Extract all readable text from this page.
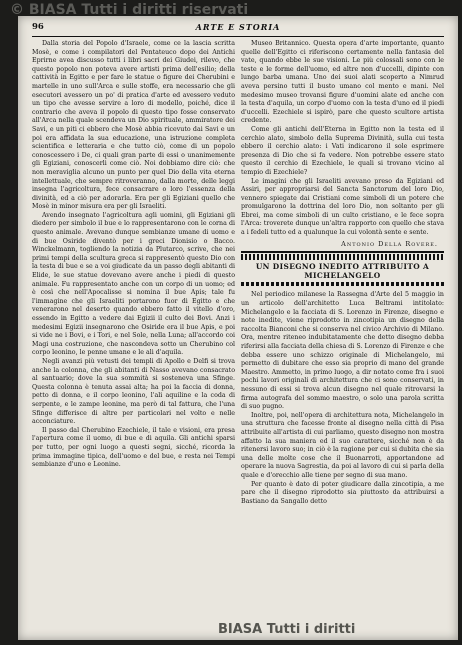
© BIASA Tutti i diritti riservati
96	ARTE E STORIA

Dalla storia del Popolo d'Israele, come ce la lascia scritta Mosè, e come i compilatori del Pentateuco dopo dei Antichi Eprirne avea discusso tutti i libri sacri dei Giudei, rilevo, che questo popolo non poteva avere artisti prima dell'esilio; della cattività in Egitto e per fare le statue o figure dei Cherubini e martelle in uno sull'Arca e sulle stoffe, era necessario che gli esecutori avessero un po' di pratica d'arte ed avessero veduto un tipo che avesse servire a loro di modello, poiché, dice il contrario che aveva il popolo di questo tipo fosse conservato all'Arca nella quale scendeva un Dio spirituale, ammiratore dei Savi, e un piti ci ebbero che Mosè abbia ricevuto dai Savi e un poi era affidata la sua educazione, una istruzione completa scientifica e letteraria e che tutto ciò, come di un popolo conoscessero i De, ci quali gran parte di essi o unanimemente gli Egiziani, conoscerli come ciò. Noi dobbiamo dire ciò: che non meraviglia alcuno un punto per quel Dio della vita eterna intellettuale, che sempre ritroveranno, dalla morte, delle leggi insegna l'agricoltura, fece consacrare o loro l'essenza della divinità, ed a ciò per adorarla. Era per gli Egiziani quello che Mosè in minor misura era per gli Israeliti.

Avendo insegnato l'agricoltura agli uomini, gli Egiziani gli diedero per simbolo il bue e lo rappresentarono con le corna di questo animale. Avevano dunque sembianze umane di uomo e di bue Osiride diventò per i greci Dionisio o Bacco. Winckelmann, togliendo la notizia da Plutarco, scrive, che nei primi tempi della scultura greca si rappresentò questo Dio con la testa di bue e se a voi giudicate da un passo degli abitanti di Elide, le sue statue dovevano avere anche i piedi di questo animale. Fu rappresentato anche con un corpo di un uomo; ed è così che nell'Apocalisse si nomina il bue Apis; tale fu l'immagine che gli Israeliti portarono fuor di Egitto e che venerarono nel deserto quando ebbero fatto il vitello d'oro, essendo in Egitto a vedere dai Egizii il culto dei Bovi. Anzi i medesimi Egizii insegnarono che Osiride era il bue Apis, e poi si vide ne i Bovi, e i Tori, e nel Sole, nella Luna; all'accordo coi Magi una costruzione, che nascondeva sotto un Cherubino col corpo leonino, le penne umane e le ali d'aquila.

Negli avanzi più vetusti dei templi di Apollo e Delfi si trova anche la colonna, che gli abitanti di Nasso avevano consacrato al santuario; dove la sua sommità si sosteneva una Sfinge. Questa colonna è tenuta assai alta; ha poi la faccia di donna, petto di donna, e il corpo leonino, l'ali aquiline e la coda di serpente, e le zampe leonine, ma però di tal fattura, che l'una Sfinge differisce di altre per particolari nel volto e nelle acconciature.

Il passo dal Cherubino Ezechiele, il tale e visioni, era presa l'apertura come il uomo, di bue e di aquila. Gli antichi sparsi per tutto, per ogni luogo a questi segni, sicché, ricorda la prima immagine tipica, dell'uomo e del bue, e resta nei Tempi sembianze d'uno e Leonine.

Museo Britannico. Questa opera d'arte importante, quanto quelle dell'Egitto ci riferiscono certamente nella fantasia del vate, quando ebbe le sue visioni. Le più colossali sono con le teste e le forme dell'uomo, ed altre non d'uccelli, dipinte con lungo barba umana. Uno dei suoi alati scoperto a Nimrud aveva persino tutti il busto umano col mento e mani. Nel medesimo museo trovansi figure d'uomini alate ed anche con la testa d'aquila, un corpo d'uomo con la testa d'uno ed il piedi d'uccelli. Ezechiele si ispirò, pare che questo scultore artista credente.

Come gli antichi dell'Eterna in Egitto non la testa ed il cerchio alato, simbolo della Suprema Divinità, sulla cui testa ebbero il cerchio alato: i Vati indicarono il sole esprimere presenza di Dio che si fa vedere. Non potrebbe essere stato questo il cerchio di Ezechiele, le quali si trovano vicino al tempio di Ezechiele?

Le imagini che gli Israeliti avevano preso da Egiziani ed Assiri, per appropriarsi del Sancta Sanctorum del loro Dio, vennero spiegate dai Cristiani come simboli di un potere che promulgarono la dottrina del loro Dio, non soltanto per gli Ebrei, ma come simboli di un culto cristiano, e le fece sopra l'Arca: troverete dunque un'altra rapporto con quello che stava a i fedeli tutto ed a qualunque la cui volontà sente e sente.

Antonio Della Rovere.
UN DISEGNO INEDITO ATTRIBUITO A MICHELANGELO

Nel periodico milanese la Rassegna d'Arte del 5 maggio in un articolo dell'architetto Luca Beltrami intitolato: Michelangelo e la facciata di S. Lorenzo in Firenze, disegno e note inedite, viene riprodotto in zincotipia un disegno della raccolta Bianconi che si conserva nel civico Archivio di Milano. Ora, mentre riteneo indubitatamente che detto disegno debba riferirsi alla facciata della chiesa di S. Lorenzo di Firenze e che debba essere uno schizzo originale di Michelangelo, mi permetto di dubitare che esso sia proprio di mano del grande Maestro. Ammetto, in primo luogo, a dir notato come fra i suoi pochi lavori originali di architettura che ci sono conservati, in nessuno di essi si trova alcun disegno nel quale ritrovarsi la firma autografa del sommo maestro, o solo una parola scritta di suo pugno.

Inoltre, poi, nell'opera di architettura nota, Michelangelo in una struttura che facesse fronte al disegno nella città di Pisa attribuite all'artista di cui parliamo, questo disegno non mostra affatto la sua maniera ed il suo carattere, sicché non è da ritenersi lavoro suo; in ciò è la ragione per cui si dubita che sia una delle molte cose che il Buonarroti, apportandone ad operare la nuova Sagrestia, da poi al lavoro di cui si parla della quale e d'orecchio alle tiene per segno di sua mano.

Per quanto è dato di poter giudicare dalla zincotipia, a me pare che il disegno riprodotto sia piuttosto da attribuirsi a Bastiano da Sangallo detto

BIASA Tutti i diritti
